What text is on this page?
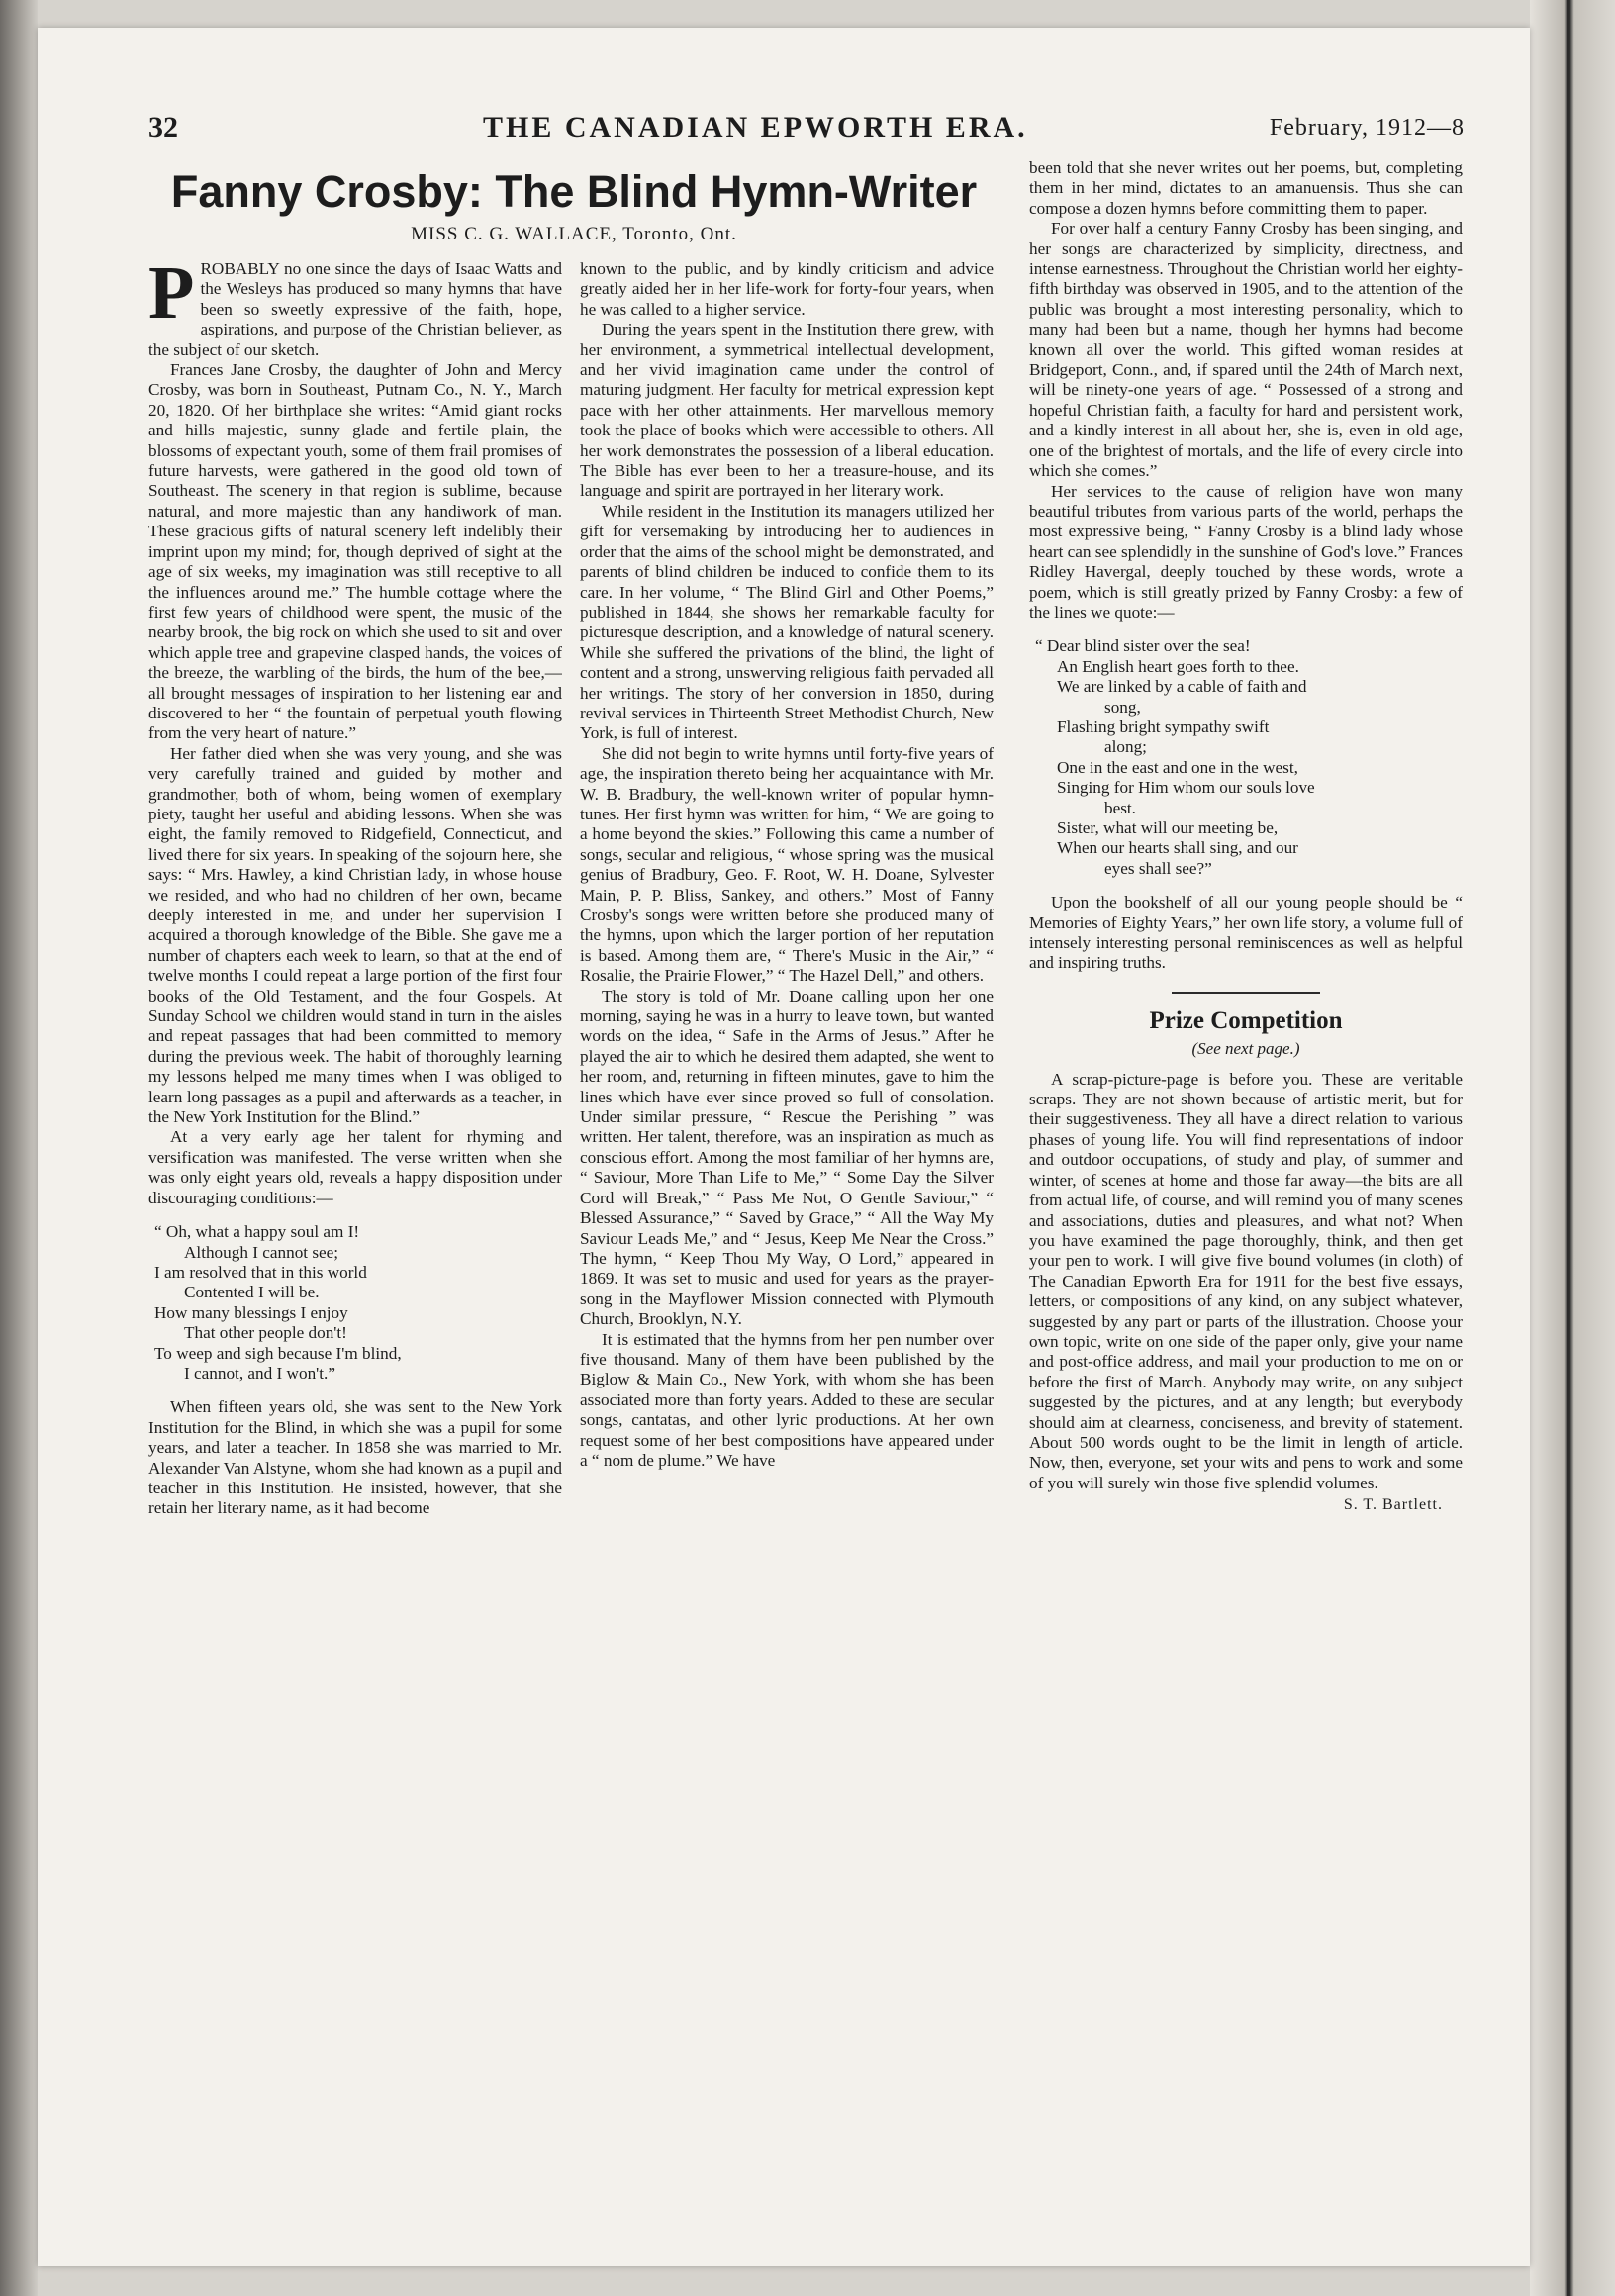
32	THE CANADIAN EPWORTH ERA.	February, 1912—8
Fanny Crosby: The Blind Hymn-Writer
MISS C. G. WALLACE, Toronto, Ont.

PROBABLY no one since the days of Isaac Watts and the Wesleys has produced so many hymns that have been so sweetly expressive of the faith, hope, aspirations, and purpose of the Christian believer, as the subject of our sketch.

Frances Jane Crosby, the daughter of John and Mercy Crosby, was born in Southeast, Putnam Co., N. Y., March 20, 1820. Of her birthplace she writes: “Amid giant rocks and hills majestic, sunny glade and fertile plain, the blossoms of expectant youth, some of them frail promises of future harvests, were gathered in the good old town of Southeast. The scenery in that region is sublime, because natural, and more majestic than any handiwork of man. These gracious gifts of natural scenery left indelibly their imprint upon my mind; for, though deprived of sight at the age of six weeks, my imagination was still receptive to all the influences around me.” The humble cottage where the first few years of childhood were spent, the music of the nearby brook, the big rock on which she used to sit and over which apple tree and grapevine clasped hands, the voices of the breeze, the warbling of the birds, the hum of the bee,—all brought messages of inspiration to her listening ear and discovered to her “ the fountain of perpetual youth flowing from the very heart of nature.”

Her father died when she was very young, and she was very carefully trained and guided by mother and grandmother, both of whom, being women of exemplary piety, taught her useful and abiding lessons. When she was eight, the family removed to Ridgefield, Connecticut, and lived there for six years. In speaking of the sojourn here, she says: “ Mrs. Hawley, a kind Christian lady, in whose house we resided, and who had no children of her own, became deeply interested in me, and under her supervision I acquired a thorough knowledge of the Bible. She gave me a number of chapters each week to learn, so that at the end of twelve months I could repeat a large portion of the first four books of the Old Testament, and the four Gospels. At Sunday School we children would stand in turn in the aisles and repeat passages that had been committed to memory during the previous week. The habit of thoroughly learning my lessons helped me many times when I was obliged to learn long passages as a pupil and afterwards as a teacher, in the New York Institution for the Blind.”

At a very early age her talent for rhyming and versification was manifested. The verse written when she was only eight years old, reveals a happy disposition under discouraging conditions:—

“ Oh, what a happy soul am I!
Although I cannot see;
I am resolved that in this world
Contented I will be.
How many blessings I enjoy
That other people don't!
To weep and sigh because I'm blind,
I cannot, and I won't.”

When fifteen years old, she was sent to the New York Institution for the Blind, in which she was a pupil for some years, and later a teacher. In 1858 she was married to Mr. Alexander Van Alstyne, whom she had known as a pupil and teacher in this Institution. He insisted, however, that she retain her literary name, as it had become

known to the public, and by kindly criticism and advice greatly aided her in her life-work for forty-four years, when he was called to a higher service.

During the years spent in the Institution there grew, with her environment, a symmetrical intellectual development, and her vivid imagination came under the control of maturing judgment. Her faculty for metrical expression kept pace with her other attainments. Her marvellous memory took the place of books which were accessible to others. All her work demonstrates the possession of a liberal education. The Bible has ever been to her a treasure-house, and its language and spirit are portrayed in her literary work.

While resident in the Institution its managers utilized her gift for versemaking by introducing her to audiences in order that the aims of the school might be demonstrated, and parents of blind children be induced to confide them to its care. In her volume, “ The Blind Girl and Other Poems,” published in 1844, she shows her remarkable faculty for picturesque description, and a knowledge of natural scenery. While she suffered the privations of the blind, the light of content and a strong, unswerving religious faith pervaded all her writings. The story of her conversion in 1850, during revival services in Thirteenth Street Methodist Church, New York, is full of interest.

She did not begin to write hymns until forty-five years of age, the inspiration thereto being her acquaintance with Mr. W. B. Bradbury, the well-known writer of popular hymn-tunes. Her first hymn was written for him, “ We are going to a home beyond the skies.” Following this came a number of songs, secular and religious, “ whose spring was the musical genius of Bradbury, Geo. F. Root, W. H. Doane, Sylvester Main, P. P. Bliss, Sankey, and others.” Most of Fanny Crosby's songs were written before she produced many of the hymns, upon which the larger portion of her reputation is based. Among them are, “ There's Music in the Air,” “ Rosalie, the Prairie Flower,” “ The Hazel Dell,” and others.

The story is told of Mr. Doane calling upon her one morning, saying he was in a hurry to leave town, but wanted words on the idea, “ Safe in the Arms of Jesus.” After he played the air to which he desired them adapted, she went to her room, and, returning in fifteen minutes, gave to him the lines which have ever since proved so full of consolation. Under similar pressure, “ Rescue the Perishing ” was written. Her talent, therefore, was an inspiration as much as conscious effort. Among the most familiar of her hymns are, “ Saviour, More Than Life to Me,” “ Some Day the Silver Cord will Break,” “ Pass Me Not, O Gentle Saviour,” “ Blessed Assurance,” “ Saved by Grace,” “ All the Way My Saviour Leads Me,” and “ Jesus, Keep Me Near the Cross.” The hymn, “ Keep Thou My Way, O Lord,” appeared in 1869. It was set to music and used for years as the prayer-song in the Mayflower Mission connected with Plymouth Church, Brooklyn, N.Y.

It is estimated that the hymns from her pen number over five thousand. Many of them have been published by the Biglow & Main Co., New York, with whom she has been associated more than forty years. Added to these are secular songs, cantatas, and other lyric productions. At her own request some of her best compositions have appeared under a “ nom de plume.” We have

been told that she never writes out her poems, but, completing them in her mind, dictates to an amanuensis. Thus she can compose a dozen hymns before committing them to paper.

For over half a century Fanny Crosby has been singing, and her songs are characterized by simplicity, directness, and intense earnestness. Throughout the Christian world her eighty-fifth birthday was observed in 1905, and to the attention of the public was brought a most interesting personality, which to many had been but a name, though her hymns had become known all over the world. This gifted woman resides at Bridgeport, Conn., and, if spared until the 24th of March next, will be ninety-one years of age. “ Possessed of a strong and hopeful Christian faith, a faculty for hard and persistent work, and a kindly interest in all about her, she is, even in old age, one of the brightest of mortals, and the life of every circle into which she comes.”

Her services to the cause of religion have won many beautiful tributes from various parts of the world, perhaps the most expressive being, “ Fanny Crosby is a blind lady whose heart can see splendidly in the sunshine of God's love.” Frances Ridley Havergal, deeply touched by these words, wrote a poem, which is still greatly prized by Fanny Crosby: a few of the lines we quote:—

“ Dear blind sister over the sea!
An English heart goes forth to thee.
We are linked by a cable of faith and
song,
Flashing bright sympathy swift
along;
One in the east and one in the west,
Singing for Him whom our souls love
best.
Sister, what will our meeting be,
When our hearts shall sing, and our
eyes shall see?”

Upon the bookshelf of all our young people should be “ Memories of Eighty Years,” her own life story, a volume full of intensely interesting personal reminiscences as well as helpful and inspiring truths.

Prize Competition
(See next page.)

A scrap-picture-page is before you. These are veritable scraps. They are not shown because of artistic merit, but for their suggestiveness. They all have a direct relation to various phases of young life. You will find representations of indoor and outdoor occupations, of study and play, of summer and winter, of scenes at home and those far away—the bits are all from actual life, of course, and will remind you of many scenes and associations, duties and pleasures, and what not? When you have examined the page thoroughly, think, and then get your pen to work. I will give five bound volumes (in cloth) of The Canadian Epworth Era for 1911 for the best five essays, letters, or compositions of any kind, on any subject whatever, suggested by any part or parts of the illustration. Choose your own topic, write on one side of the paper only, give your name and post-office address, and mail your production to me on or before the first of March. Anybody may write, on any subject suggested by the pictures, and at any length; but everybody should aim at clearness, conciseness, and brevity of statement. About 500 words ought to be the limit in length of article. Now, then, everyone, set your wits and pens to work and some of you will surely win those five splendid volumes.

S. T. Bartlett.
